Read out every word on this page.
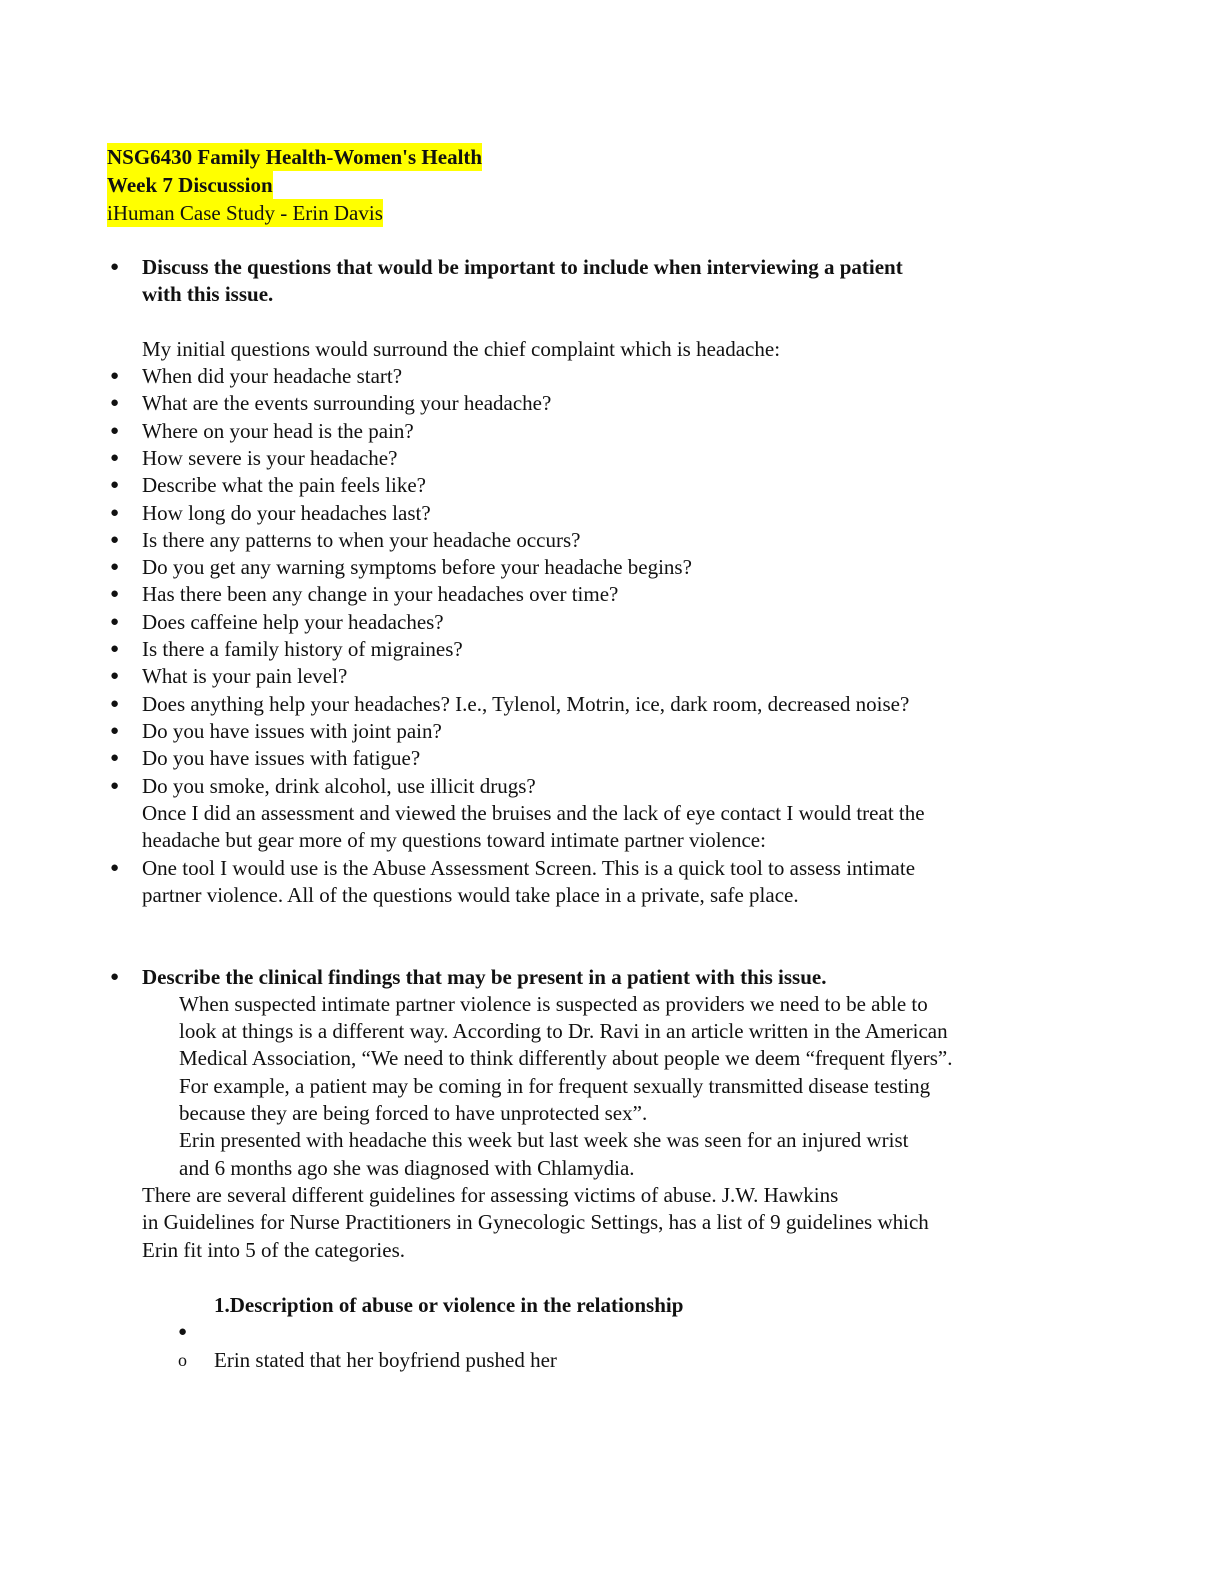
NSG6430 Family Health-Women's Health
Week 7 Discussion
iHuman Case Study - Erin Davis
● Discuss the questions that would be important to include when interviewing a patient
with this issue.
My initial questions would surround the chief complaint which is headache:
● When did your headache start?
● What are the events surrounding your headache?
● Where on your head is the pain?
● How severe is your headache?
● Describe what the pain feels like?
● How long do your headaches last?
● Is there any patterns to when your headache occurs?
● Do you get any warning symptoms before your headache begins?
● Has there been any change in your headaches over time?
● Does caffeine help your headaches?
● Is there a family history of migraines?
● What is your pain level?
● Does anything help your headaches? I.e., Tylenol, Motrin, ice, dark room, decreased noise?
● Do you have issues with joint pain?
● Do you have issues with fatigue?
● Do you smoke, drink alcohol, use illicit drugs?
Once I did an assessment and viewed the bruises and the lack of eye contact I would treat the
headache but gear more of my questions toward intimate partner violence:
● One tool I would use is the Abuse Assessment Screen. This is a quick tool to assess intimate
partner violence. All of the questions would take place in a private, safe place.
● Describe the clinical findings that may be present in a patient with this issue.
When suspected intimate partner violence is suspected as providers we need to be able to
look at things is a different way. According to Dr. Ravi in an article written in the American
Medical Association, “We need to think differently about people we deem “frequent flyers”.
For example, a patient may be coming in for frequent sexually transmitted disease testing
because they are being forced to have unprotected sex”.
Erin presented with headache this week but last week she was seen for an injured wrist
and 6 months ago she was diagnosed with Chlamydia.
There are several different guidelines for assessing victims of abuse. J.W. Hawkins
in Guidelines for Nurse Practitioners in Gynecologic Settings, has a list of 9 guidelines which
Erin fit into 5 of the categories.
1.Description of abuse or violence in the relationship
●
o Erin stated that her boyfriend pushed her
